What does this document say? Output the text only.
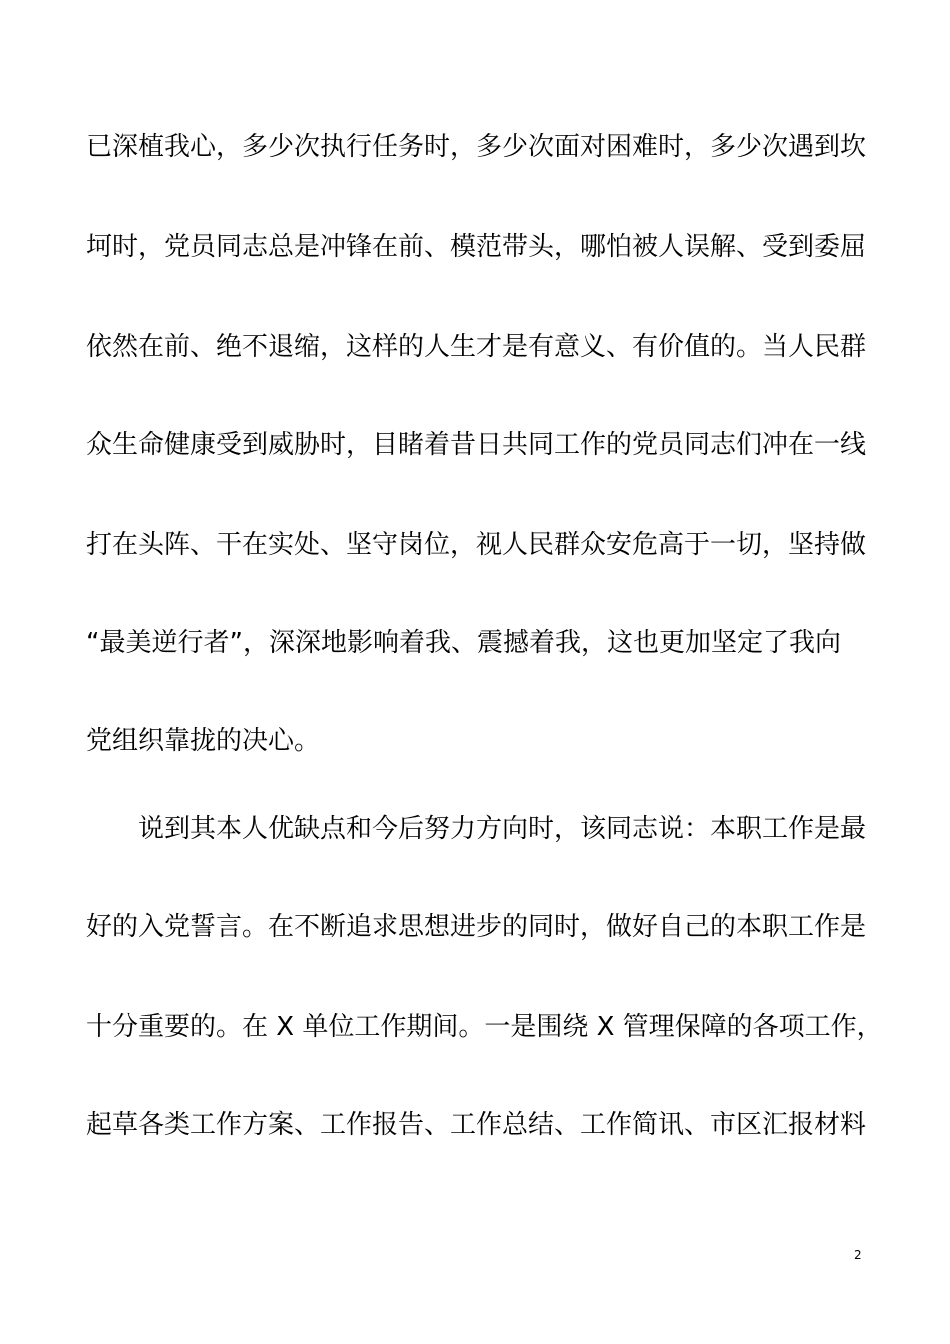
已深植我心，多少次执行任务时，多少次面对困难时，多少次遇到坎
坷时，党员同志总是冲锋在前、模范带头，哪怕被人误解、受到委屈
依然在前、绝不退缩，这样的人生才是有意义、有价值的。当人民群
众生命健康受到威胁时，目睹着昔日共同工作的党员同志们冲在一线
打在头阵、干在实处、坚守岗位，视人民群众安危高于一切，坚持做
“最美逆行者”，深深地影响着我、震撼着我，这也更加坚定了我向
党组织靠拢的决心。
说到其本人优缺点和今后努力方向时，该同志说：本职工作是最
好的入党誓言。在不断追求思想进步的同时，做好自己的本职工作是
十分重要的。在 X 单位工作期间。一是围绕 X 管理保障的各项工作，
起草各类工作方案、工作报告、工作总结、工作简讯、市区汇报材料
2
